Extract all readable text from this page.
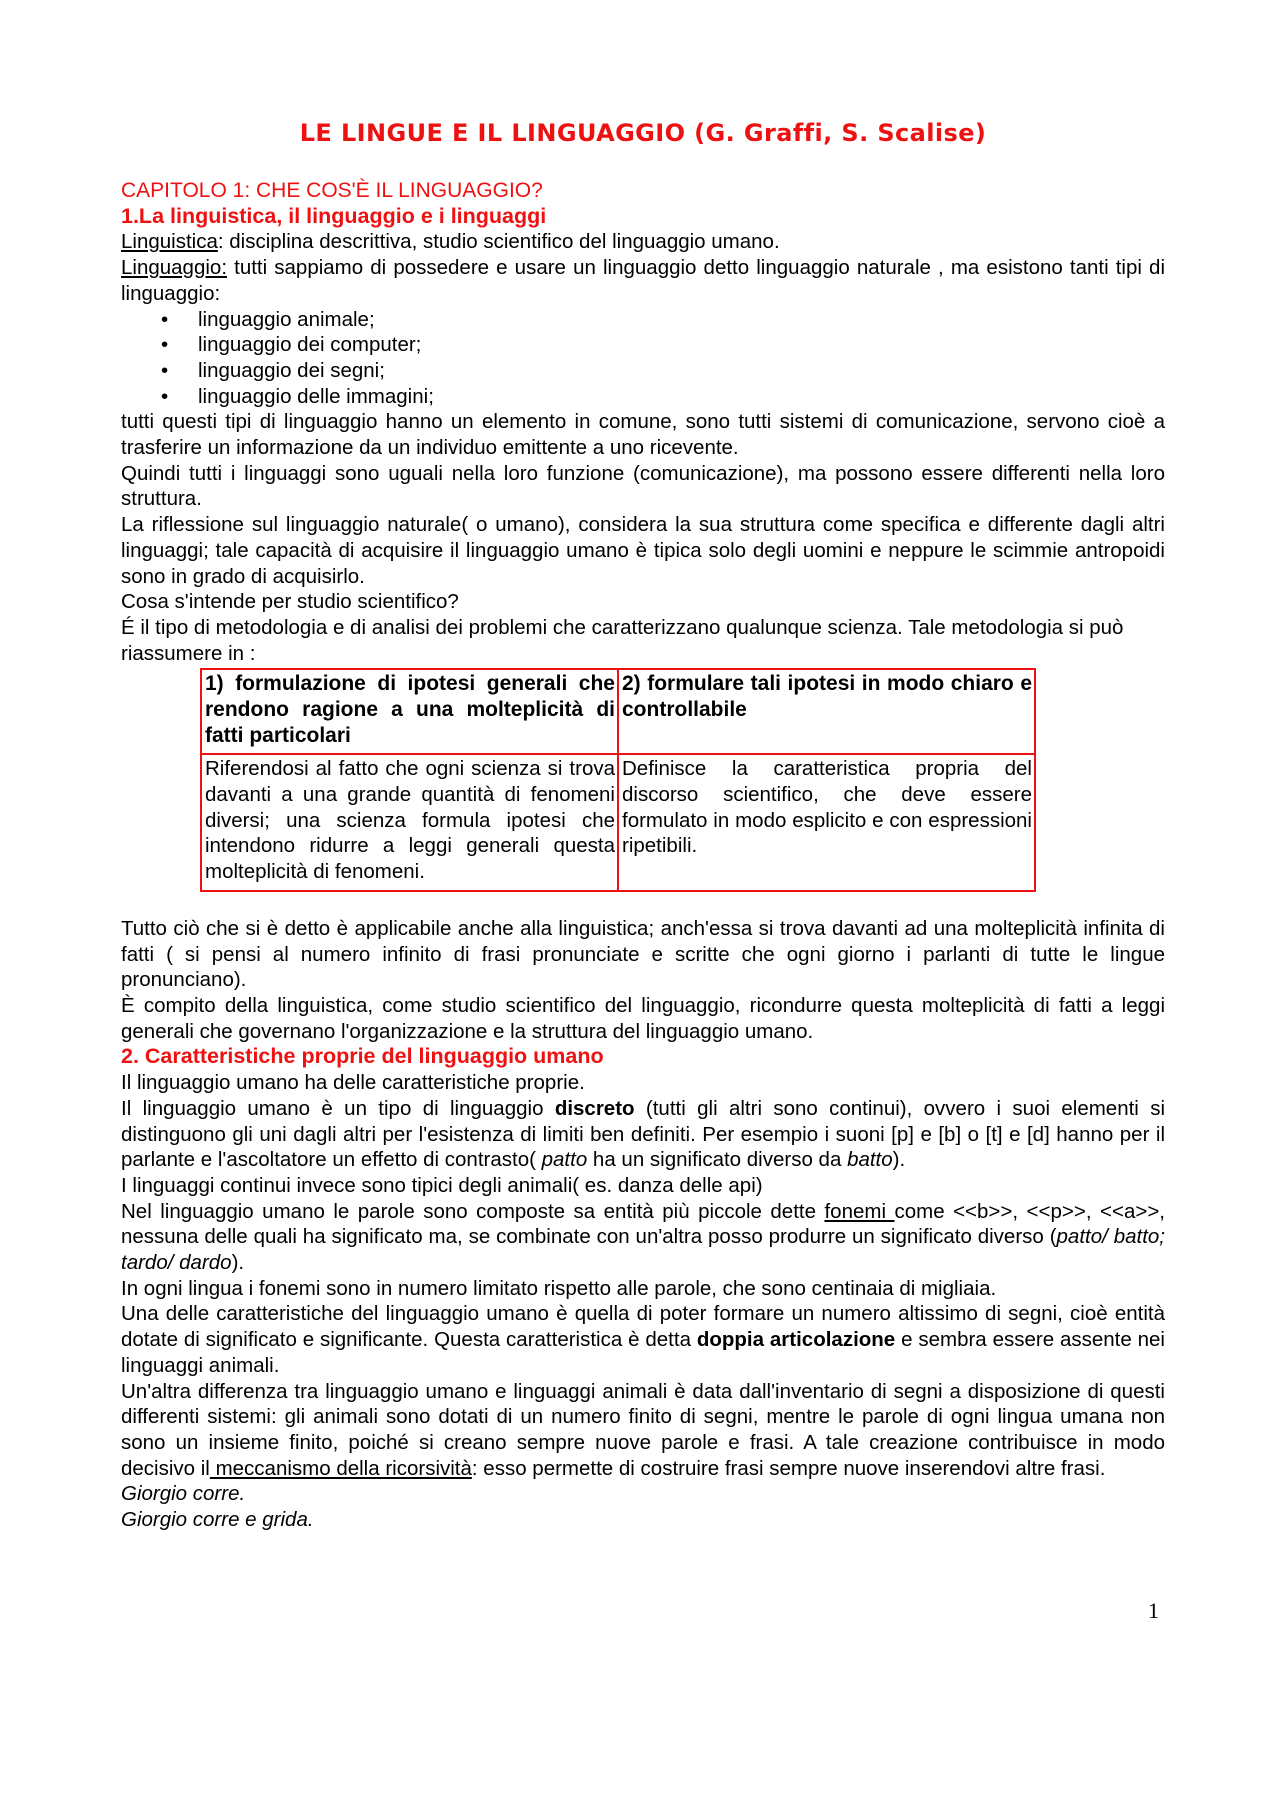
LE LINGUE E IL LINGUAGGIO (G. Graffi, S. Scalise)

CAPITOLO 1: CHE COS'È IL LINGUAGGIO?

1.La linguistica, il linguaggio e i linguaggi

Linguistica: disciplina descrittiva, studio scientifico del linguaggio umano.

Linguaggio: tutti sappiamo di possedere e usare un linguaggio detto linguaggio naturale , ma esistono tanti tipi di linguaggio:

• linguaggio animale;
• linguaggio dei computer;
• linguaggio dei segni;
• linguaggio delle immagini;

tutti questi tipi di linguaggio hanno un elemento in comune, sono tutti sistemi di comunicazione, servono cioè a trasferire un informazione da un individuo emittente a uno ricevente.

Quindi tutti i linguaggi sono uguali nella loro funzione (comunicazione), ma possono essere differenti nella loro struttura.

La riflessione sul linguaggio naturale( o umano), considera la sua struttura come specifica e differente dagli altri linguaggi; tale capacità di acquisire il linguaggio umano è tipica solo degli uomini e neppure le scimmie antropoidi sono in grado di acquisirlo.

Cosa s'intende per studio scientifico?

É il tipo di metodologia e di analisi dei problemi che caratterizzano qualunque scienza. Tale metodologia si può riassumere in :

1) formulazione di ipotesi generali che rendono ragione a una molteplicità di fatti particolari	2) formulare tali ipotesi in modo chiaro e controllabile
Riferendosi al fatto che ogni scienza si trova davanti a una grande quantità di fenomeni diversi; una scienza formula ipotesi che intendono ridurre a leggi generali questa molteplicità di fenomeni.	Definisce la caratteristica propria del discorso scientifico, che deve essere formulato in modo esplicito e con espressioni ripetibili.

Tutto ciò che si è detto è applicabile anche alla linguistica; anch'essa si trova davanti ad una molteplicità infinita di fatti ( si pensi al numero infinito di frasi pronunciate e scritte che ogni giorno i parlanti di tutte le lingue pronunciano).

È compito della linguistica, come studio scientifico del linguaggio, ricondurre questa molteplicità di fatti a leggi generali che governano l'organizzazione e la struttura del linguaggio umano.

2. Caratteristiche proprie del linguaggio umano

Il linguaggio umano ha delle caratteristiche proprie.

Il linguaggio umano è un tipo di linguaggio discreto (tutti gli altri sono continui), ovvero i suoi elementi si distinguono gli uni dagli altri per l'esistenza di limiti ben definiti. Per esempio i suoni [p] e [b] o [t] e [d] hanno per il parlante e l'ascoltatore un effetto di contrasto( patto ha un significato diverso da batto).

I linguaggi continui invece sono tipici degli animali( es. danza delle api)

Nel linguaggio umano le parole sono composte sa entità più piccole dette fonemi come <<b>>, <<p>>, <<a>>, nessuna delle quali ha significato ma, se combinate con un'altra posso produrre un significato diverso (patto/ batto; tardo/ dardo).

In ogni lingua i fonemi sono in numero limitato rispetto alle parole, che sono centinaia di migliaia.

Una delle caratteristiche del linguaggio umano è quella di poter formare un numero altissimo di segni, cioè entità dotate di significato e significante. Questa caratteristica è detta doppia articolazione e sembra essere assente nei linguaggi animali.

Un'altra differenza tra linguaggio umano e linguaggi animali è data dall'inventario di segni a disposizione di questi differenti sistemi: gli animali sono dotati di un numero finito di segni, mentre le parole di ogni lingua umana non sono un insieme finito, poiché si creano sempre nuove parole e frasi. A tale creazione contribuisce in modo decisivo il meccanismo della ricorsività: esso permette di costruire frasi sempre nuove inserendovi altre frasi.

Giorgio corre.

Giorgio corre e grida.

1
